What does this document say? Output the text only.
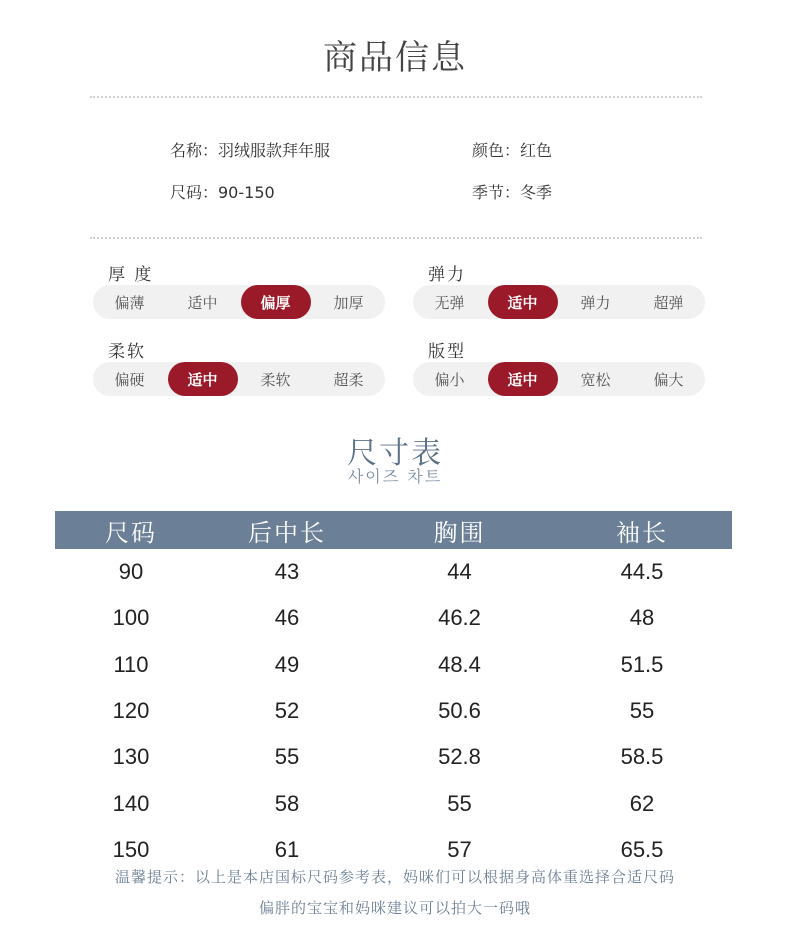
商品信息
名称：羽绒服款拜年服	颜色：红色
尺码：90-150	季节：冬季
厚 度
偏薄	适中	偏厚	加厚
弹力
无弹	适中	弹力	超弹
柔软
偏硬	适中	柔软	超柔
版型
偏小	适中	宽松	偏大
尺寸表
사이즈 차트
尺码	后中长	胸围	袖长
90	43	44	44.5
100	46	46.2	48
110	49	48.4	51.5
120	52	50.6	55
130	55	52.8	58.5
140	58	55	62
150	61	57	65.5
温馨提示：以上是本店国标尺码参考表，妈咪们可以根据身高体重选择合适尺码
偏胖的宝宝和妈咪建议可以拍大一码哦
